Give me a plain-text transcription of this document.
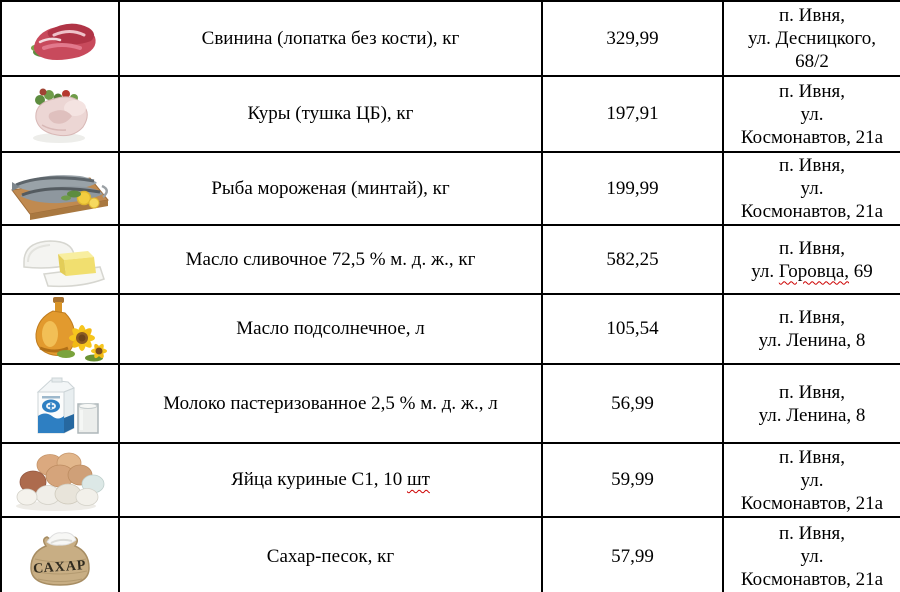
	Свинина (лопатка без кости), кг	329,99	п. Ивня,
ул. Десницкого,
68/2

	Куры (тушка ЦБ), кг	197,91	п. Ивня,
ул.
Космонавтов, 21а

	Рыба мороженая (минтай), кг	199,99	п. Ивня,
ул.
Космонавтов, 21а

	Масло сливочное 72,5 % м. д. ж., кг	582,25	п. Ивня,
ул. Горовца, 69

	Масло подсолнечное, л	105,54	п. Ивня,
ул. Ленина, 8

	Молоко пастеризованное 2,5 % м. д. ж., л	56,99	п. Ивня,
ул. Ленина, 8

	Яйца куриные С1, 10 шт	59,99	п. Ивня,
ул.
Космонавтов, 21а

САХАР	Сахар-песок, кг	57,99	п. Ивня,
ул.
Космонавтов, 21а
